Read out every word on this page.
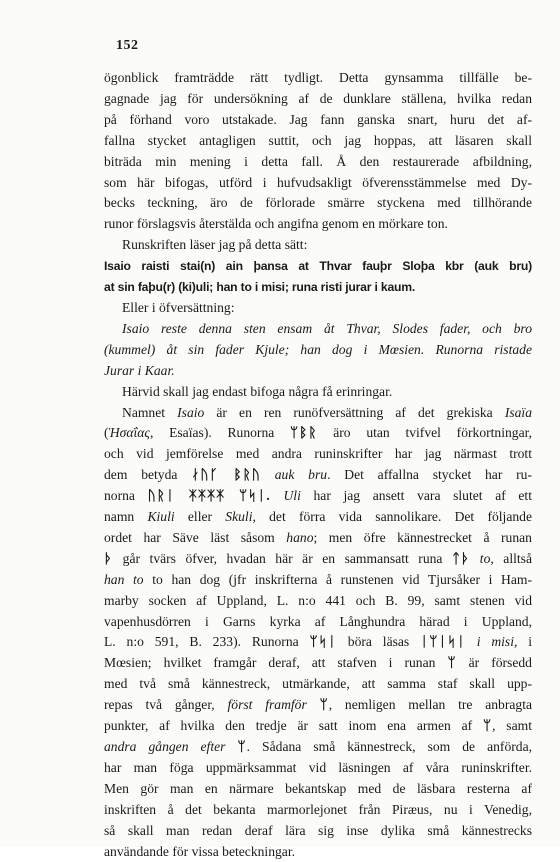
152
ögonblick framträdde rätt tydligt. Detta gynsamma tillfälle be-
gagnade jag för undersökning af de dunklare ställena, hvilka redan
på förhand voro utstakade. Jag fann ganska snart, huru det af-
fallna stycket antagligen suttit, och jag hoppas, att läsaren skall
biträda min mening i detta fall. Å den restaurerade afbildning,
som här bifogas, utförd i hufvudsakligt öfverensstämmelse med Dy-
becks teckning, äro de förlorade smärre styckena med tillhörande
runor förslagsvis återstälda och angifna genom en mörkare ton.
Runskriften läser jag på detta sätt:
Isaio raisti stai(n) ain þansa at Thvar fauþr Sloþa kbr (auk bru)
at sin faþu(r) (ki)uli; han to i misi; runa risti jurar i kaum.
Eller i öfversättning:
Isaio reste denna sten ensam åt Thvar, Slodes fader, och bro
(kummel) åt sin fader Kjule; han dog i Mœsien. Runorna ristade
Jurar i Kaar.
Härvid skall jag endast bifoga några få erinringar.
Namnet Isaio är en ren runöfversättning af det grekiska Isaïa
(Ἡσαΐας, Esaïas). Runorna ᛘᛒᚱ äro utan tvifvel förkortningar,
och vid jemförelse med andra runinskrifter har jag närmast trott
dem betyda ᛅᚢᚴ ᛒᚱᚢ auk bru. Det affallna stycket har ru-
norna ᚢᚱᛁ ᛡᛡᛡᛡ ᛘᛋᛁ. Uli har jag ansett vara slutet af ett
namn Kiuli eller Skuli, det förra vida sannolikare. Det följande
ordet har Säve läst såsom hano; men öfre kännestrecket å runan
ᚦ går tvärs öfver, hvadan här är en sammansatt runa ᛏᚦ to, alltså
han to to han dog (jfr inskrifterna å runstenen vid Tjursåker i Ham-
marby socken af Uppland, L. n:o 441 och B. 99, samt stenen vid
vapenhusdörren i Garns kyrka af Långhundra härad i Uppland,
L. n:o 591, B. 233). Runorna ᛘᛋᛁ böra läsas ᛁᛘᛁᛋᛁ i misi, i
Mœsien; hvilket framgår deraf, att stafven i runan ᛘ är försedd
med två små kännestreck, utmärkande, att samma staf skall upp-
repas två gånger, först framför ᛘ, nemligen mellan tre anbragta
punkter, af hvilka den tredje är satt inom ena armen af ᛘ, samt
andra gången efter ᛘ. Sådana små kännestreck, som de anförda,
har man föga uppmärksammat vid läsningen af våra runinskrifter.
Men gör man en närmare bekantskap med de läsbara resterna af
inskriften å det bekanta marmorlejonet från Piræus, nu i Venedig,
så skall man redan deraf lära sig inse dylika små kännestrecks
användande för vissa beteckningar.
